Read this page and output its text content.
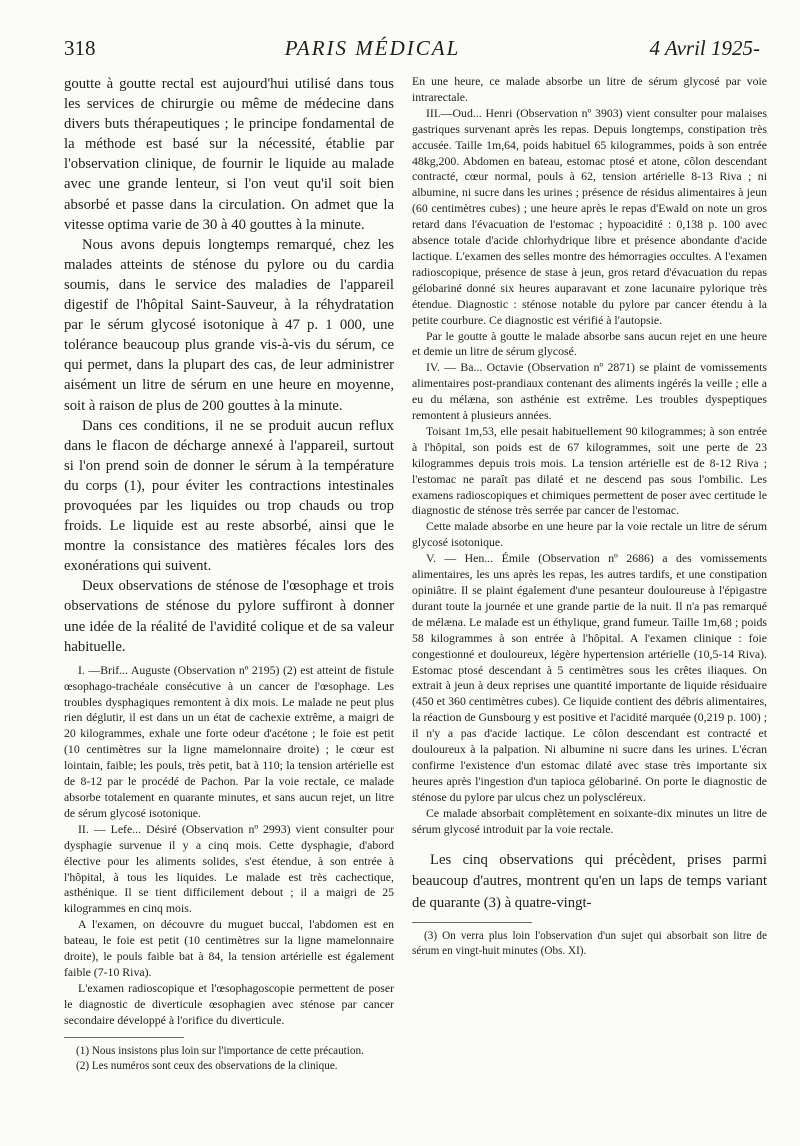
318	PARIS MÉDICAL	4 Avril 1925-

goutte à goutte rectal est aujourd'hui utilisé dans tous les services de chirurgie ou même de médecine dans divers buts thérapeutiques ; le principe fondamental de la méthode est basé sur la nécessité, établie par l'observation clinique, de fournir le liquide au malade avec une grande lenteur, si l'on veut qu'il soit bien absorbé et passe dans la circulation. On admet que la vitesse optima varie de 30 à 40 gouttes à la minute.

Nous avons depuis longtemps remarqué, chez les malades atteints de sténose du pylore ou du cardia soumis, dans le service des maladies de l'appareil digestif de l'hôpital Saint-Sauveur, à la réhydratation par le sérum glycosé isotonique à 47 p. 1 000, une tolérance beaucoup plus grande vis-à-vis du sérum, ce qui permet, dans la plupart des cas, de leur administrer aisément un litre de sérum en une heure en moyenne, soit à raison de plus de 200 gouttes à la minute.

Dans ces conditions, il ne se produit aucun reflux dans le flacon de décharge annexé à l'appareil, surtout si l'on prend soin de donner le sérum à la température du corps (1), pour éviter les contractions intestinales provoquées par les liquides ou trop chauds ou trop froids. Le liquide est au reste absorbé, ainsi que le montre la consistance des matières fécales lors des exonérations qui suivent.

Deux observations de sténose de l'œsophage et trois observations de sténose du pylore suffiront à donner une idée de la réalité de l'avidité colique et de sa valeur habituelle.

I. —Brif... Auguste (Observation nº 2195) (2) est atteint de fistule œsophago-trachéale consécutive à un cancer de l'œsophage. Les troubles dysphagiques remontent à dix mois. Le malade ne peut plus rien déglutir, il est dans un un état de cachexie extrême, a maigri de 20 kilogrammes, exhale une forte odeur d'acétone ; le foie est petit (10 centimètres sur la ligne mamelonnaire droite) ; le cœur est lointain, faible; les pouls, très petit, bat à 110; la tension artérielle est de 8-12 par le procédé de Pachon. Par la voie rectale, ce malade absorbe totalement en quarante minutes, et sans aucun rejet, un litre de sérum glycosé isotonique.

II. — Lefe... Désiré (Observation nº 2993) vient consulter pour dysphagie survenue il y a cinq mois. Cette dysphagie, d'abord élective pour les aliments solides, s'est étendue, à son entrée à l'hôpital, à tous les liquides. Le malade est très cachectique, asthénique. Il se tient difficilement debout ; il a maigri de 25 kilogrammes en cinq mois.

A l'examen, on découvre du muguet buccal, l'abdomen est en bateau, le foie est petit (10 centimètres sur la ligne mamelonnaire droite), le pouls faible bat à 84, la tension artérielle est également faible (7-10 Riva).

L'examen radioscopique et l'œsophagoscopie permettent de poser le diagnostic de diverticule œsophagien avec sténose par cancer secondaire développé à l'orifice du diverticule.

(1) Nous insistons plus loin sur l'importance de cette précaution.

(2) Les numéros sont ceux des observations de la clinique.

En une heure, ce malade absorbe un litre de sérum glycosé par voie intrarectale.

III.—Oud... Henri (Observation nº 3903) vient consulter pour malaises gastriques survenant après les repas. Depuis longtemps, constipation très accusée. Taille 1m,64, poids habituel 65 kilogrammes, poids à son entrée 48kg,200. Abdomen en bateau, estomac ptosé et atone, côlon descendant contracté, cœur normal, pouls à 62, tension artérielle 8-13 Riva ; ni albumine, ni sucre dans les urines ; présence de résidus alimentaires à jeun (60 centimètres cubes) ; une heure après le repas d'Ewald on note un gros retard dans l'évacuation de l'estomac ; hypoacidité : 0,138 p. 100 avec absence totale d'acide chlorhydrique libre et présence abondante d'acide lactique. L'examen des selles montre des hémorragies occultes. A l'examen radioscopique, présence de stase à jeun, gros retard d'évacuation du repas gélobariné donné six heures auparavant et zone lacunaire pylorique très étendue. Diagnostic : sténose notable du pylore par cancer étendu à la petite courbure. Ce diagnostic est vérifié à l'autopsie.

Par le goutte à goutte le malade absorbe sans aucun rejet en une heure et demie un litre de sérum glycosé.

IV. — Ba... Octavie (Observation nº 2871) se plaint de vomissements alimentaires post-prandiaux contenant des aliments ingérés la veille ; elle a eu du mélæna, son asthénie est extrême. Les troubles dyspeptiques remontent à plusieurs années.

Toisant 1m,53, elle pesait habituellement 90 kilogrammes; à son entrée à l'hôpital, son poids est de 67 kilogrammes, soit une perte de 23 kilogrammes depuis trois mois. La tension artérielle est de 8-12 Riva ; l'estomac ne paraît pas dilaté et ne descend pas sous l'ombilic. Les examens radioscopiques et chimiques permettent de poser avec certitude le diagnostic de sténose très serrée par cancer de l'estomac.

Cette malade absorbe en une heure par la voie rectale un litre de sérum glycosé isotonique.

V. — Hen... Émile (Observation nº 2686) a des vomissements alimentaires, les uns après les repas, les autres tardifs, et une constipation opiniâtre. Il se plaint également d'une pesanteur douloureuse à l'épigastre durant toute la journée et une grande partie de la nuit. Il n'a pas remarqué de mélæna. Le malade est un éthylique, grand fumeur. Taille 1m,68 ; poids 58 kilogrammes à son entrée à l'hôpital. A l'examen clinique : foie congestionné et douloureux, légère hypertension artérielle (10,5-14 Riva). Estomac ptosé descendant à 5 centimètres sous les crêtes iliaques. On extrait à jeun à deux reprises une quantité importante de liquide résiduaire (450 et 360 centimètres cubes). Ce liquide contient des débris alimentaires, la réaction de Gunsbourg y est positive et l'acidité marquée (0,219 p. 100) ; il n'y a pas d'acide lactique. Le côlon descendant est contracté et douloureux à la palpation. Ni albumine ni sucre dans les urines. L'écran confirme l'existence d'un estomac dilaté avec stase très importante six heures après l'ingestion d'un tapioca gélobariné. On porte le diagnostic de sténose du pylore par ulcus chez un polyscléreux.

Ce malade absorbait complètement en soixante-dix minutes un litre de sérum glycosé introduit par la voie rectale.

Les cinq observations qui précèdent, prises parmi beaucoup d'autres, montrent qu'en un laps de temps variant de quarante (3) à quatre-vingt-

(3) On verra plus loin l'observation d'un sujet qui absorbait son litre de sérum en vingt-huit minutes (Obs. XI).
